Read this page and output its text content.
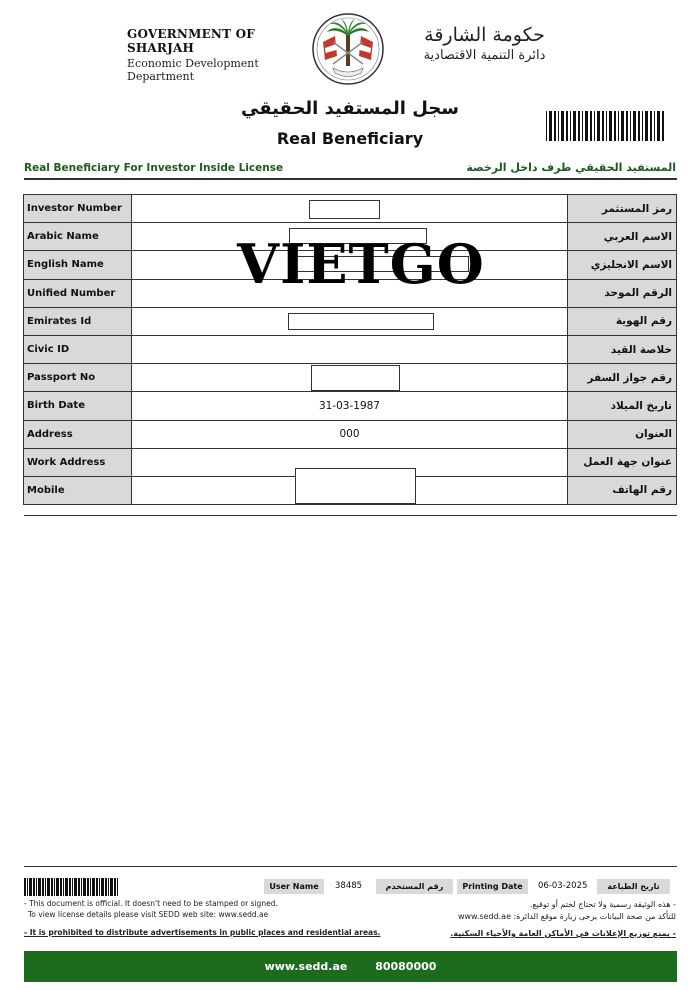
GOVERNMENT OF SHARJAH
Economic Development Department
حكومة الشارقة
دائرة التنمية الاقتصادية
سجل المستفيد الحقيقي
Real Beneficiary
Real Beneficiary For Investor Inside License	المستفيد الحقيقي طرف داخل الرخصة
Investor Number		رمز المستثمر
Arabic Name		الاسم العربي
English Name		الاسم الانجليزي
Unified Number		الرقم الموحد
Emirates Id		رقم الهوية
Civic ID		خلاصة القيد
Passport No		رقم جواز السفر
Birth Date	31-03-1987	تاريخ الميلاد
Address	000	العنوان
Work Address		عنوان جهة العمل
Mobile		رقم الهاتف
VIETGO
User Name	38485	رقم المستخدم	Printing Date	06-03-2025	تاريخ الطباعة
- This document is official. It doesn't need to be stamped or signed.
To view license details please visit SEDD web site: www.sedd.ae
- It is prohibited to distribute advertisements in public places and residential areas.
- هذه الوثيقة رسمية ولا تحتاج لختم أو توقيع.
للتأكد من صحة البيانات يرجى زيارة موقع الدائرة: www.sedd.ae
- يمنع توزيع الإعلانات في الأماكن العامة والأحياء السكنية.
www.sedd.ae	80080000
